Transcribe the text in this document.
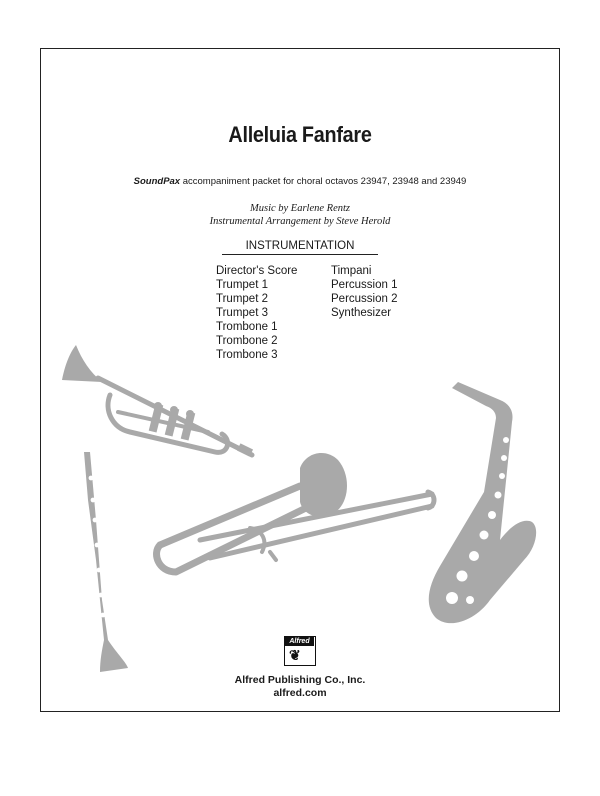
Alleluia Fanfare
SoundPax accompaniment packet for choral octavos 23947, 23948 and 23949
Music by Earlene Rentz
Instrumental Arrangement by Steve Herold
INSTRUMENTATION
Director's Score
Trumpet 1
Trumpet 2
Trumpet 3
Trombone 1
Trombone 2
Trombone 3
Timpani
Percussion 1
Percussion 2
Synthesizer
Alfred
❦
Alfred Publishing Co., Inc.
alfred.com
